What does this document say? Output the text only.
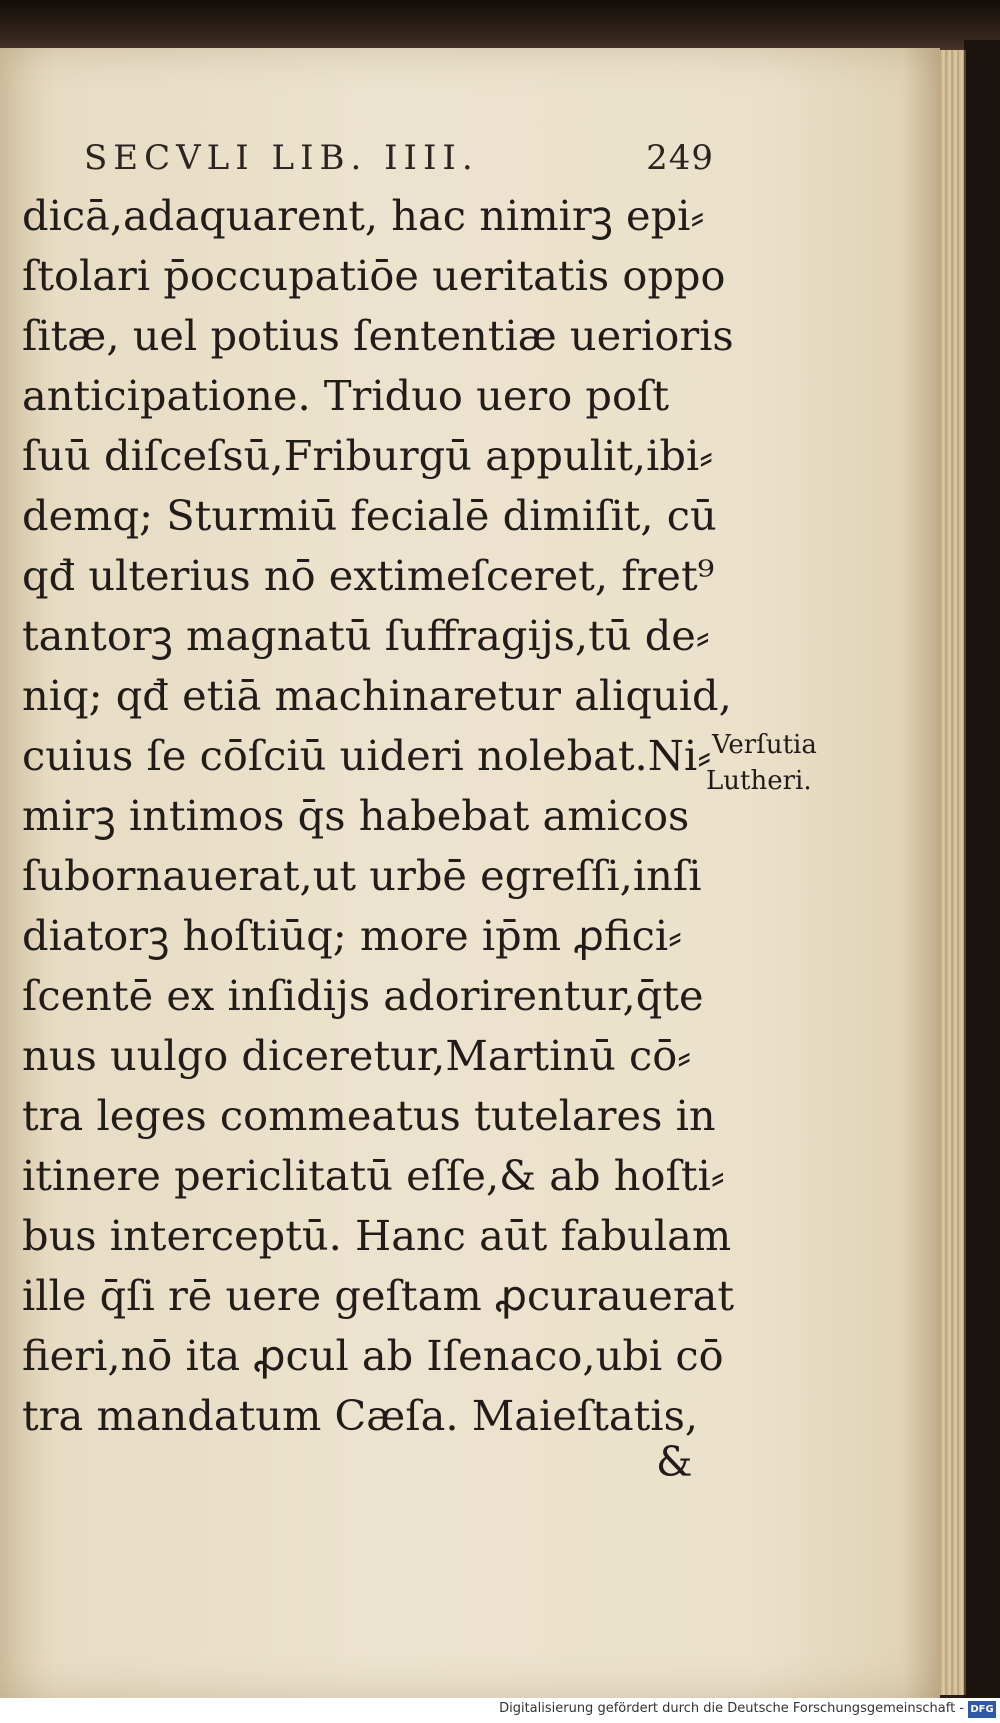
SECVLI LIB. IIII.	249
dicā,adaquarent, hac nimirꝫ epi⸗
ſtolari p̄occupatiōe ueritatis oppo
ſitæ, uel potius ſententiæ uerioris
anticipatione. Triduo uero poſt
ſuū diſceſsū,Friburgū appulit,ibi⸗
demq; Sturmiū fecialē dimiſit, cū
qđ ulterius nō extimeſceret, fret⁹
tantorꝫ magnatū ſuffragijs,tū de⸗
niq; qđ etiā machinaretur aliquid,
cuius ſe cōſciū uideri nolebat.Ni⸗
mirꝫ intimos q̄s habebat amicos
ſubornauerat,ut urbē egreſſi,inſi
diatorꝫ hoſtiūq; more ip̄m ꝓfici⸗
ſcentē ex inſidijs adorirentur,q̄te
nus uulgo diceretur,Martinū cō⸗
tra leges commeatus tutelares in
itinere periclitatū eſſe,& ab hoſti⸗
bus interceptū. Hanc aūt fabulam
ille q̄ſi rē uere geſtam ꝓcurauerat
fieri,nō ita ꝓcul ab Iſenaco,ubi cō
tra mandatum Cæſa. Maieſtatis,
&
Verſutia
Lutheri.
Digitalisierung gefördert durch die Deutsche Forschungsgemeinschaft - DFG
